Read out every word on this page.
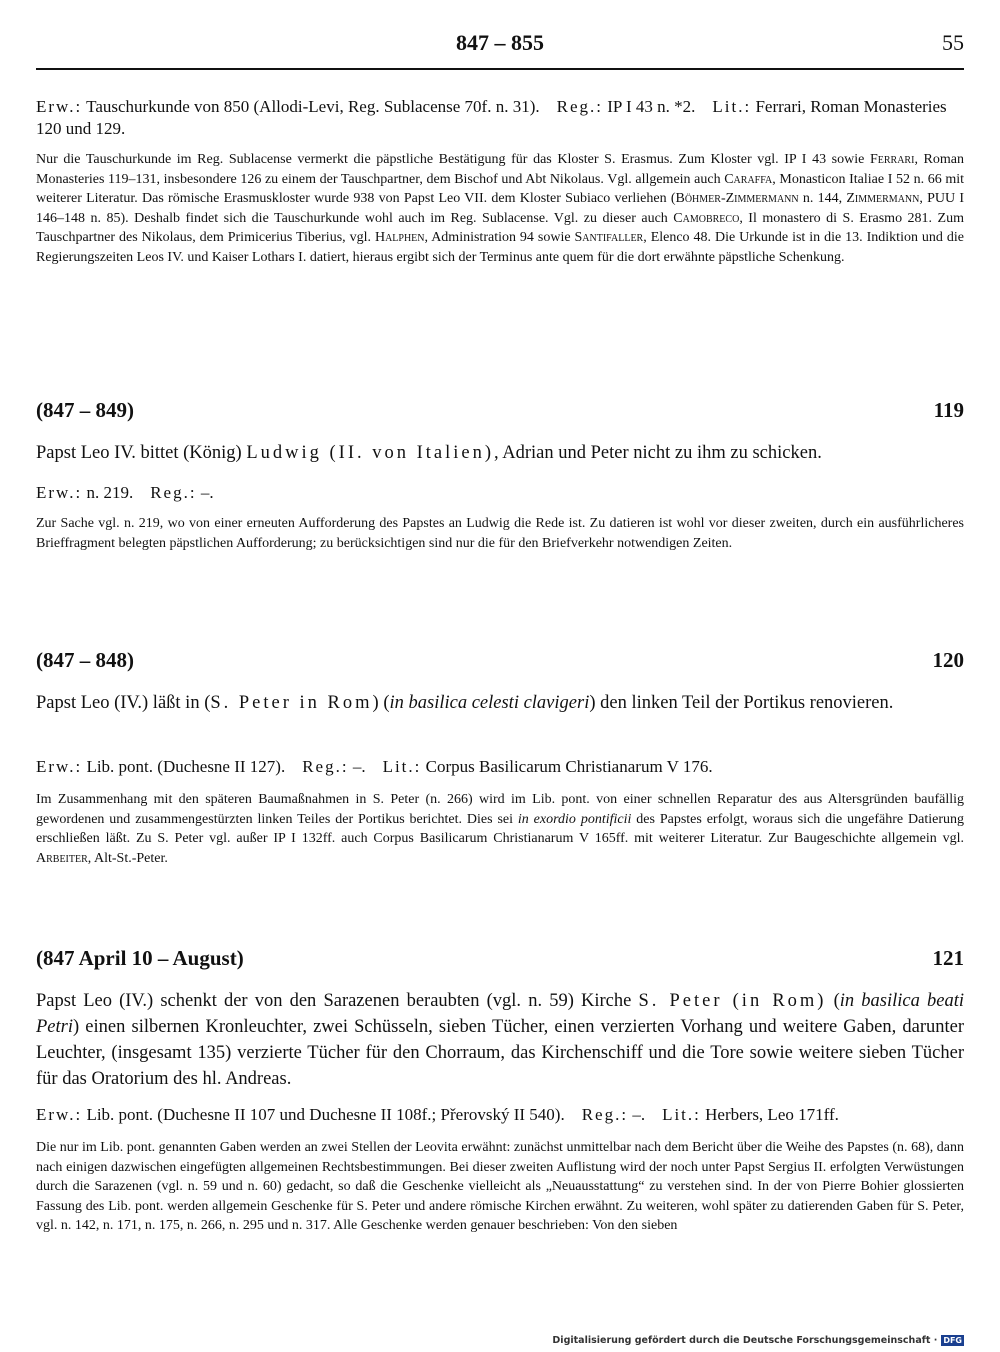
847 – 855	55

Erw.: Tauschurkunde von 850 (Allodi-Levi, Reg. Sublacense 70f. n. 31). Reg.: IP I 43 n. *2. Lit.: Ferrari, Roman Monasteries 120 und 129.

Nur die Tauschurkunde im Reg. Sublacense vermerkt die päpstliche Bestätigung für das Kloster S. Erasmus. Zum Kloster vgl. IP I 43 sowie Ferrari, Roman Monasteries 119–131, insbesondere 126 zu einem der Tauschpartner, dem Bischof und Abt Nikolaus. Vgl. allgemein auch Caraffa, Monasticon Italiae I 52 n. 66 mit weiterer Literatur. Das römische Erasmuskloster wurde 938 von Papst Leo VII. dem Kloster Subiaco verliehen (Böhmer-Zimmermann n. 144, Zimmermann, PUU I 146–148 n. 85). Deshalb findet sich die Tauschurkunde wohl auch im Reg. Sublacense. Vgl. zu dieser auch Camobreco, Il monastero di S. Erasmo 281. Zum Tauschpartner des Nikolaus, dem Primicerius Tiberius, vgl. Halphen, Administration 94 sowie Santifaller, Elenco 48. Die Urkunde ist in die 13. Indiktion und die Regierungszeiten Leos IV. und Kaiser Lothars I. datiert, hieraus ergibt sich der Terminus ante quem für die dort erwähnte päpstliche Schenkung.

(847 – 849)	119

Papst Leo IV. bittet (König) Ludwig (II. von Italien), Adrian und Peter nicht zu ihm zu schicken.

Erw.: n. 219. Reg.: –.

Zur Sache vgl. n. 219, wo von einer erneuten Aufforderung des Papstes an Ludwig die Rede ist. Zu datieren ist wohl vor dieser zweiten, durch ein ausführlicheres Brieffragment belegten päpstlichen Aufforderung; zu berücksichtigen sind nur die für den Briefverkehr notwendigen Zeiten.

(847 – 848)	120

Papst Leo (IV.) läßt in (S. Peter in Rom) (in basilica celesti clavigeri) den linken Teil der Portikus renovieren.

Erw.: Lib. pont. (Duchesne II 127). Reg.: –. Lit.: Corpus Basilicarum Christianarum V 176.

Im Zusammenhang mit den späteren Baumaßnahmen in S. Peter (n. 266) wird im Lib. pont. von einer schnellen Reparatur des aus Altersgründen baufällig gewordenen und zusammengestürzten linken Teiles der Portikus berichtet. Dies sei in exordio pontificii des Papstes erfolgt, woraus sich die ungefähre Datierung erschließen läßt. Zu S. Peter vgl. außer IP I 132ff. auch Corpus Basilicarum Christianarum V 165ff. mit weiterer Literatur. Zur Baugeschichte allgemein vgl. Arbeiter, Alt-St.-Peter.

(847 April 10 – August)	121

Papst Leo (IV.) schenkt der von den Sarazenen beraubten (vgl. n. 59) Kirche S. Peter (in Rom) (in basilica beati Petri) einen silbernen Kronleuchter, zwei Schüsseln, sieben Tücher, einen verzierten Vorhang und weitere Gaben, darunter Leuchter, (insgesamt 135) verzierte Tücher für den Chorraum, das Kirchenschiff und die Tore sowie weitere sieben Tücher für das Oratorium des hl. Andreas.

Erw.: Lib. pont. (Duchesne II 107 und Duchesne II 108f.; Přerovský II 540). Reg.: –. Lit.: Herbers, Leo 171ff.

Die nur im Lib. pont. genannten Gaben werden an zwei Stellen der Leovita erwähnt: zunächst unmittelbar nach dem Bericht über die Weihe des Papstes (n. 68), dann nach einigen dazwischen eingefügten allgemeinen Rechtsbestimmungen. Bei dieser zweiten Auflistung wird der noch unter Papst Sergius II. erfolgten Verwüstungen durch die Sarazenen (vgl. n. 59 und n. 60) gedacht, so daß die Geschenke vielleicht als „Neuausstattung“ zu verstehen sind. In der von Pierre Bohier glossierten Fassung des Lib. pont. werden allgemein Geschenke für S. Peter und andere römische Kirchen erwähnt. Zu weiteren, wohl später zu datierenden Gaben für S. Peter, vgl. n. 142, n. 171, n. 175, n. 266, n. 295 und n. 317. Alle Geschenke werden genauer beschrieben: Von den sieben

Digitalisierung gefördert durch die Deutsche Forschungsgemeinschaft · DFG
